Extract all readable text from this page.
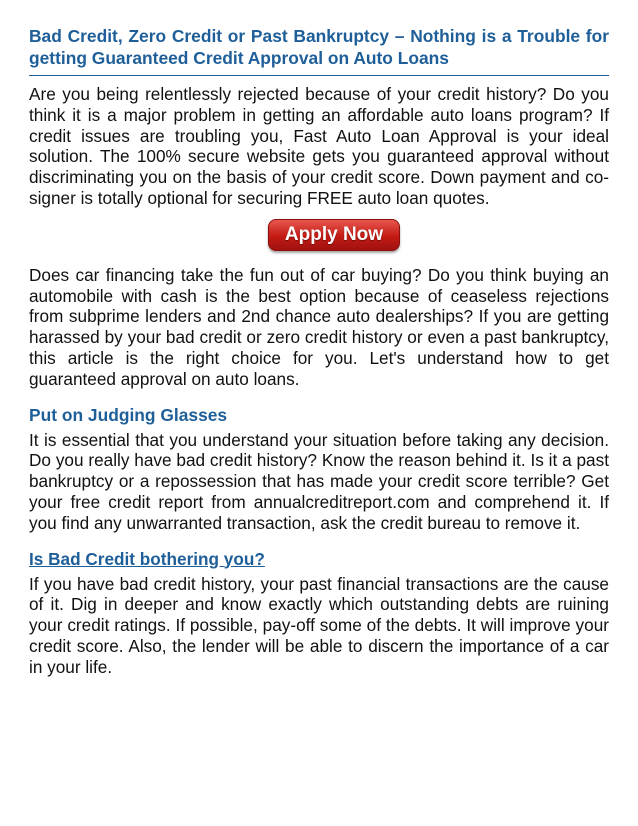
Bad Credit, Zero Credit or Past Bankruptcy – Nothing is a Trouble for getting Guaranteed Credit Approval on Auto Loans

Are you being relentlessly rejected because of your credit history? Do you think it is a major problem in getting an affordable auto loans program? If credit issues are troubling you, Fast Auto Loan Approval is your ideal solution. The 100% secure website gets you guaranteed approval without discriminating you on the basis of your credit score. Down payment and co-signer is totally optional for securing FREE auto loan quotes.

Apply Now

Does car financing take the fun out of car buying? Do you think buying an automobile with cash is the best option because of ceaseless rejections from subprime lenders and 2nd chance auto dealerships? If you are getting harassed by your bad credit or zero credit history or even a past bankruptcy, this article is the right choice for you. Let's understand how to get guaranteed approval on auto loans.

Put on Judging Glasses

It is essential that you understand your situation before taking any decision. Do you really have bad credit history? Know the reason behind it. Is it a past bankruptcy or a repossession that has made your credit score terrible? Get your free credit report from annualcreditreport.com and comprehend it. If you find any unwarranted transaction, ask the credit bureau to remove it.

Is Bad Credit bothering you?

If you have bad credit history, your past financial transactions are the cause of it. Dig in deeper and know exactly which outstanding debts are ruining your credit ratings. If possible, pay-off some of the debts. It will improve your credit score. Also, the lender will be able to discern the importance of a car in your life.
